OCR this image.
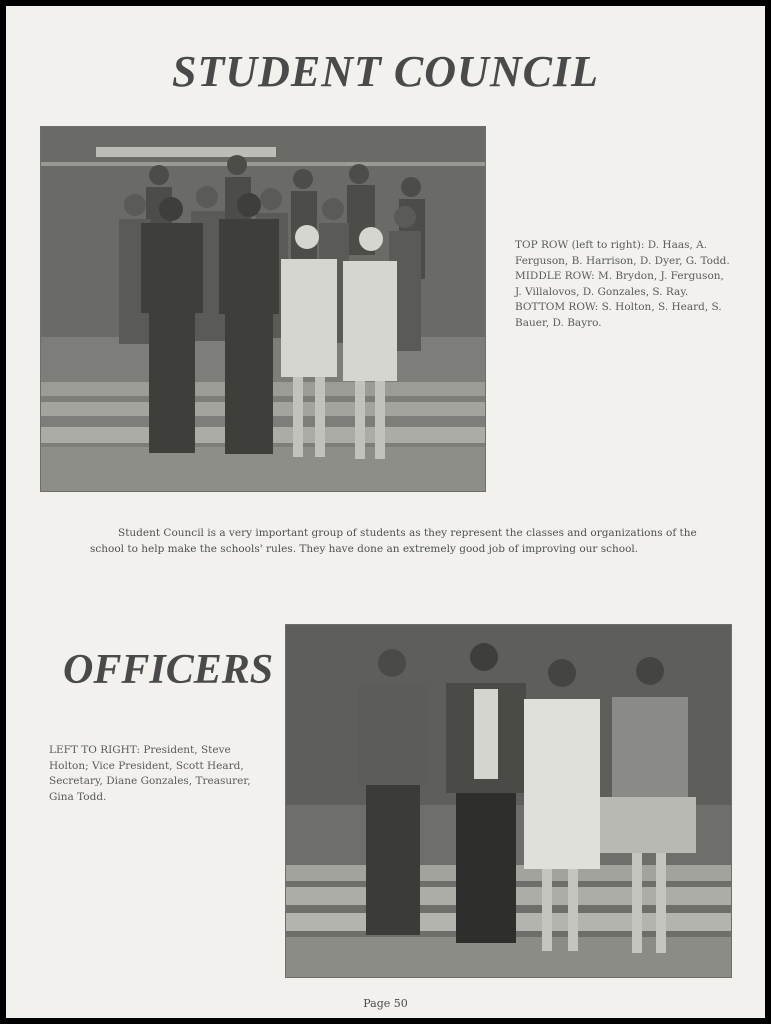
STUDENT COUNCIL
TOP ROW (left to right): D. Haas, A. Ferguson, B. Harrison, D. Dyer, G. Todd. MIDDLE ROW: M. Brydon, J. Ferguson, J. Villalovos, D. Gonzales, S. Ray. BOTTOM ROW: S. Holton, S. Heard, S. Bauer, D. Bayro.

Student Council is a very important group of students as they represent the classes and organizations of the school to help make the schools' rules. They have done an extremely good job of improving our school.

OFFICERS
LEFT TO RIGHT: President, Steve Holton; Vice President, Scott Heard, Secretary, Diane Gonzales, Treasurer, Gina Todd.
Page 50
